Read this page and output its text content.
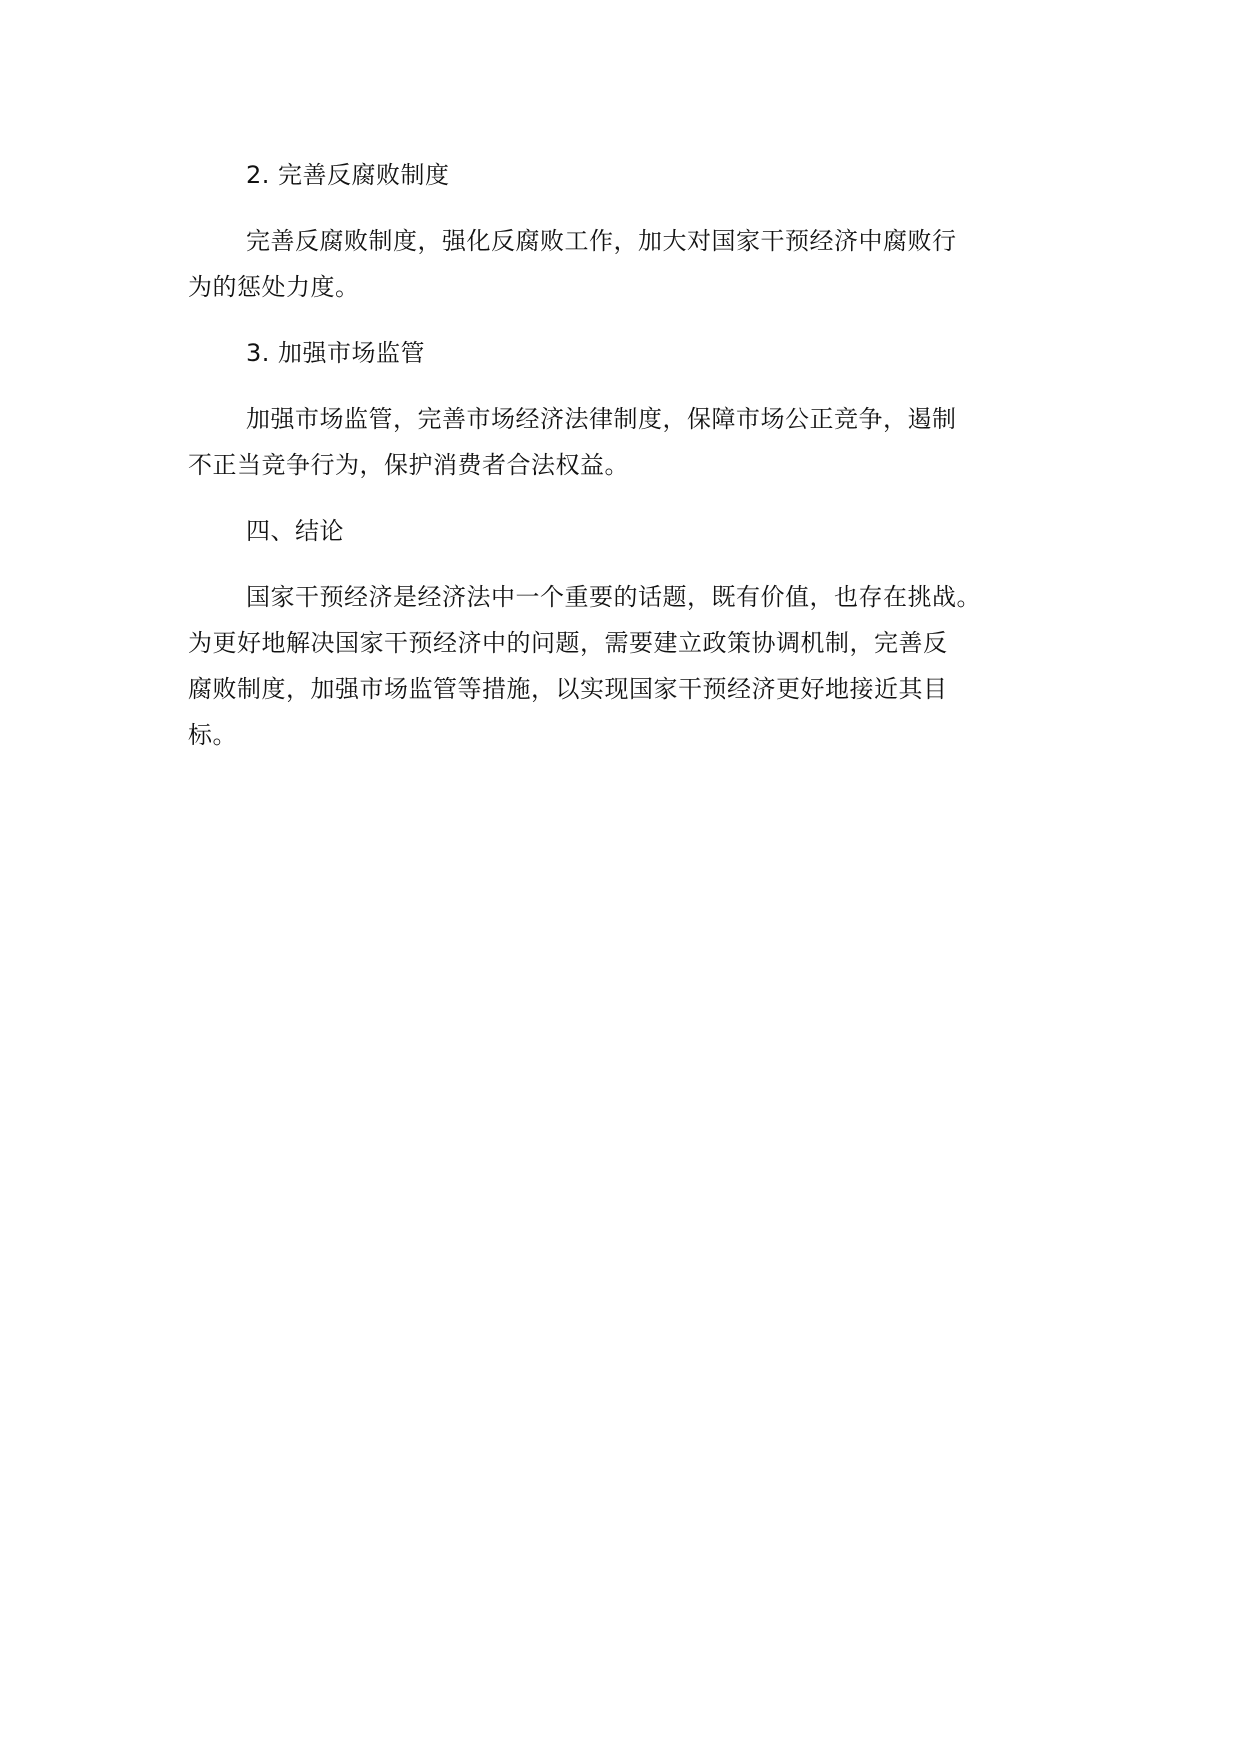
2. 完善反腐败制度

完善反腐败制度，强化反腐败工作，加大对国家干预经济中腐败行

为的惩处力度。

3. 加强市场监管

加强市场监管，完善市场经济法律制度，保障市场公正竞争，遏制

不正当竞争行为，保护消费者合法权益。

四、结论

国家干预经济是经济法中一个重要的话题，既有价值，也存在挑战。

为更好地解决国家干预经济中的问题，需要建立政策协调机制，完善反

腐败制度，加强市场监管等措施，以实现国家干预经济更好地接近其目

标。
